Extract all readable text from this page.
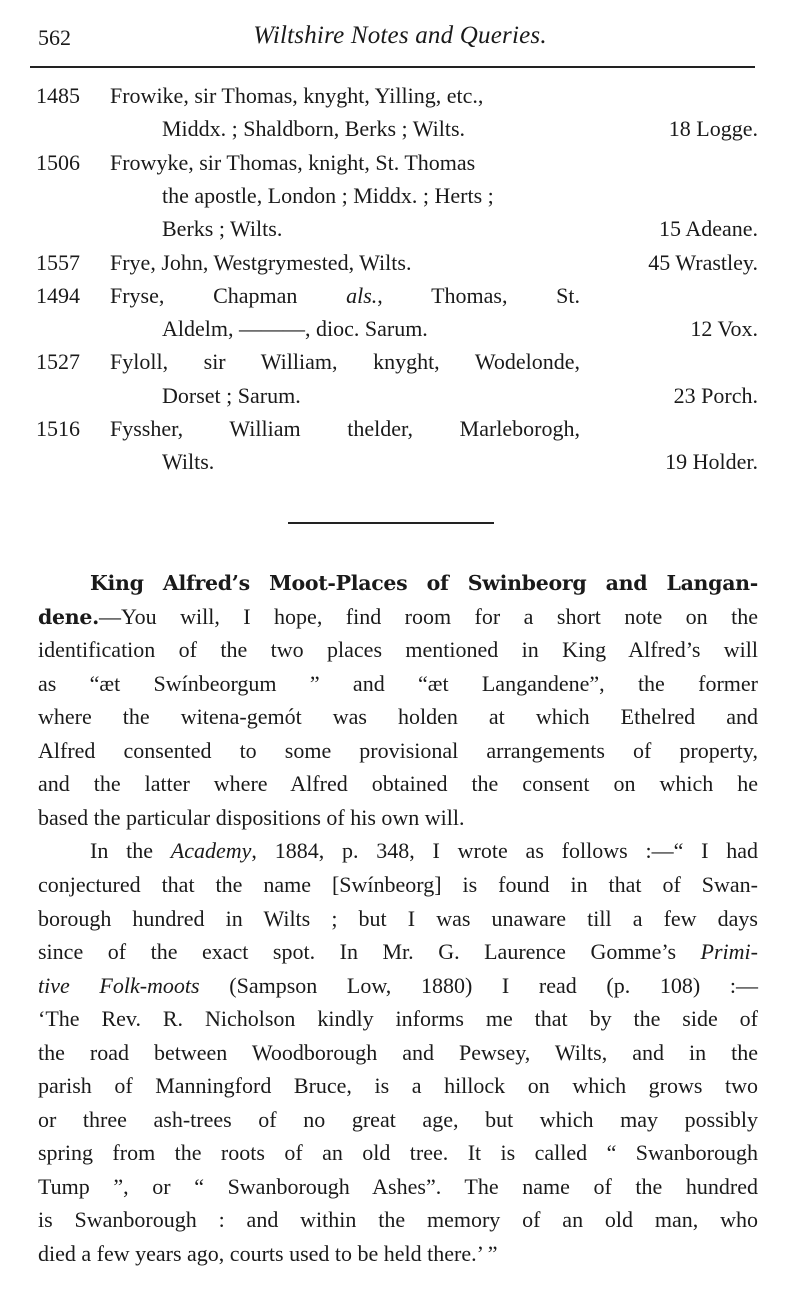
562	Wiltshire Notes and Queries.
1485 Frowike, sir Thomas, knyght, Yilling, etc.,
Middx. ; Shaldborn, Berks ; Wilts.	18 Logge.
1506 Frowyke, sir Thomas, knight, St. Thomas
the apostle, London ; Middx. ; Herts ;
Berks ; Wilts.	15 Adeane.
1557 Frye, John, Westgrymested, Wilts.	45 Wrastley.
1494 Fryse, Chapman als., Thomas, St.
Aldelm, ———, dioc. Sarum.	12 Vox.
1527 Fyloll, sir William, knyght, Wodelonde,
Dorset ; Sarum.	23 Porch.
1516 Fyssher, William thelder, Marleborogh,
Wilts.	19 Holder.
King Alfred’s Moot-Places of Swinbeorg and Langan-
dene.—You will, I hope, find room for a short note on the
identification of the two places mentioned in King Alfred’s will
as “æt Swínbeorgum ” and “æt Langandene”, the former
where the witena-gemót was holden at which Ethelred and
Alfred consented to some provisional arrangements of property,
and the latter where Alfred obtained the consent on which he
based the particular dispositions of his own will.
In the Academy, 1884, p. 348, I wrote as follows :—“ I had
conjectured that the name [Swínbeorg] is found in that of Swan-
borough hundred in Wilts ; but I was unaware till a few days
since of the exact spot. In Mr. G. Laurence Gomme’s Primi-
tive Folk-moots (Sampson Low, 1880) I read (p. 108) :—
‘The Rev. R. Nicholson kindly informs me that by the side of
the road between Woodborough and Pewsey, Wilts, and in the
parish of Manningford Bruce, is a hillock on which grows two
or three ash-trees of no great age, but which may possibly
spring from the roots of an old tree. It is called “ Swanborough
Tump ”, or “ Swanborough Ashes”. The name of the hundred
is Swanborough : and within the memory of an old man, who
died a few years ago, courts used to be held there.’ ”
